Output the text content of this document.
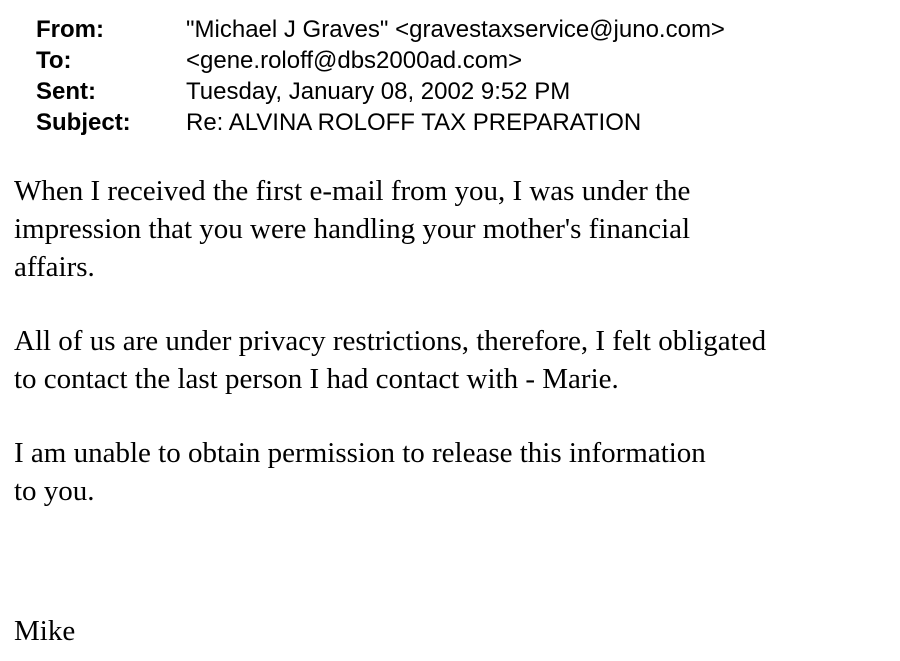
From:	"Michael J Graves" <gravestaxservice@juno.com>
To:	<gene.roloff@dbs2000ad.com>
Sent:	Tuesday, January 08, 2002 9:52 PM
Subject: Re: ALVINA ROLOFF TAX PREPARATION

When I received the first e-mail from you, I was under the
impression that you were handling your mother's financial
affairs.

All of us are under privacy restrictions, therefore, I felt obligated
to contact the last person I had contact with - Marie.

I am unable to obtain permission to release this information
to you.

Mike
